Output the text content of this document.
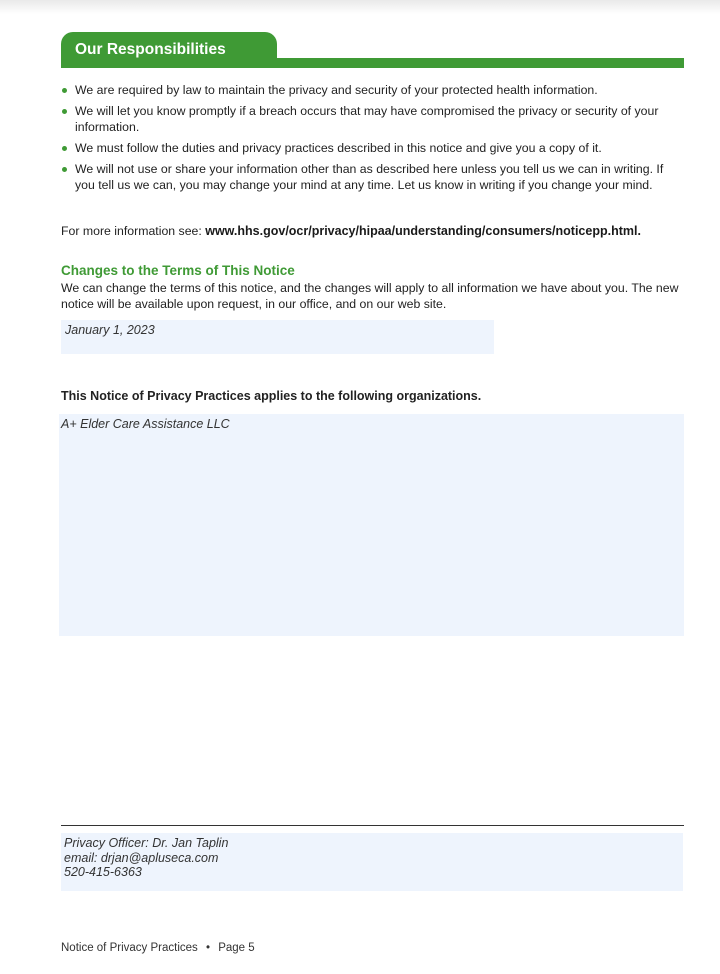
Our Responsibilities
We are required by law to maintain the privacy and security of your protected health information.
We will let you know promptly if a breach occurs that may have compromised the privacy or security of your information.
We must follow the duties and privacy practices described in this notice and give you a copy of it.
We will not use or share your information other than as described here unless you tell us we can in writing. If you tell us we can, you may change your mind at any time. Let us know in writing if you change your mind.
For more information see: www.hhs.gov/ocr/privacy/hipaa/understanding/consumers/noticepp.html.
Changes to the Terms of This Notice
We can change the terms of this notice, and the changes will apply to all information we have about you. The new notice will be available upon request, in our office, and on our web site.
January 1, 2023
This Notice of Privacy Practices applies to the following organizations.
A+ Elder Care Assistance LLC
Privacy Officer: Dr. Jan Taplin
email: drjan@apluseca.com
520-415-6363
Notice of Privacy Practices • Page 5
